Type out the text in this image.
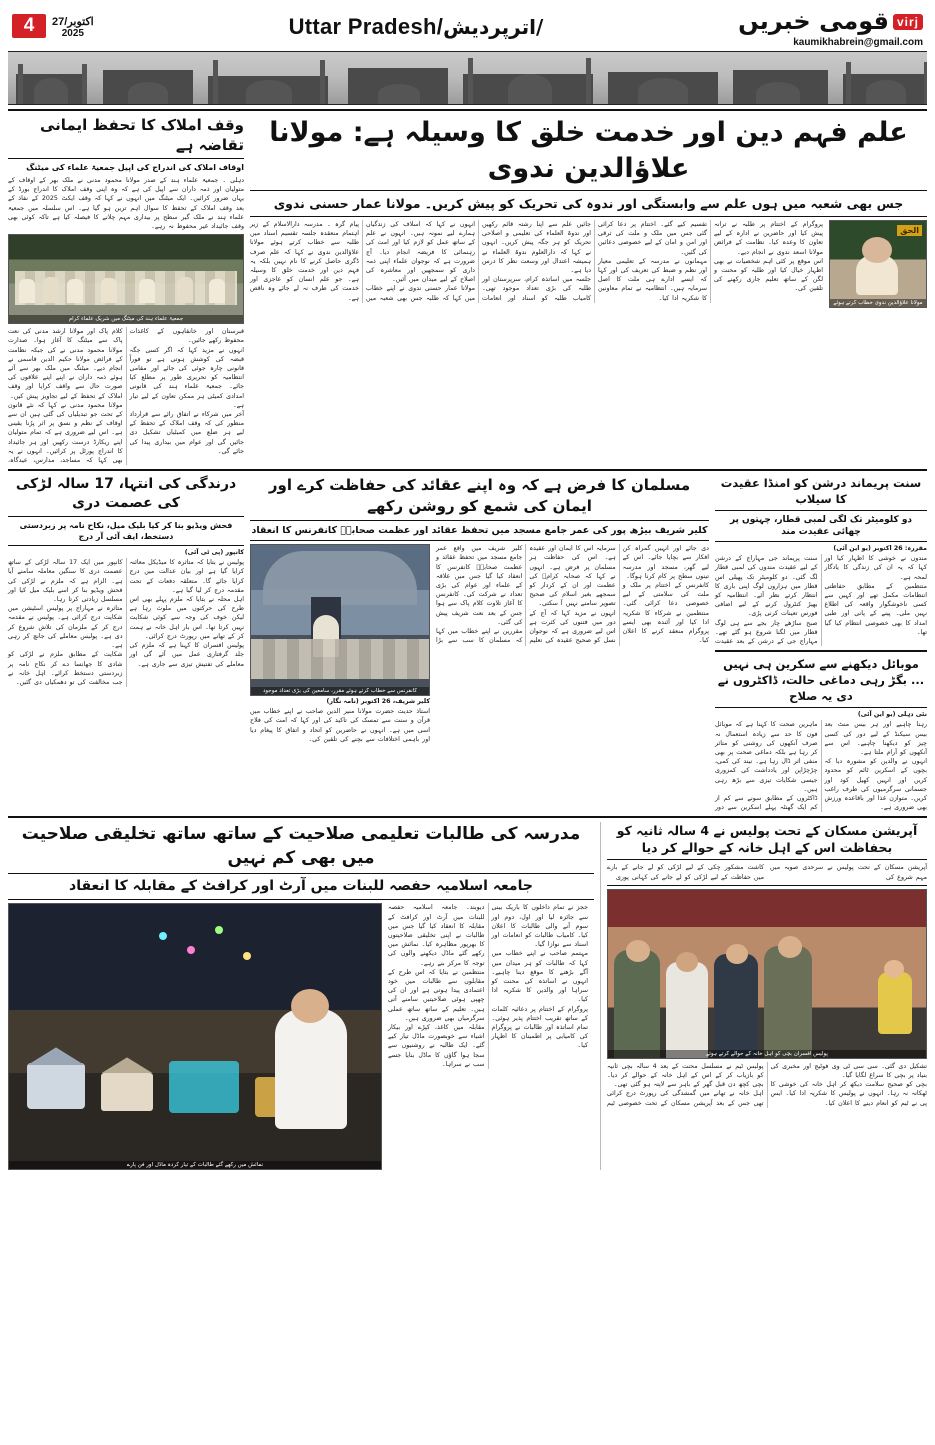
4	اکتوبر/27
2025	Uttar Pradesh/اترپردیش/	virjقومی خبریں
kaumikhabrein@gmail.com
وقف املاک کا تحفظ ایمانی تقاضہ ہے
اوقاف املاک کی اندراج کی اپیل جمعیۃ علماء کی میٹنگ
دہلی ۔ جمعیۃ علماء ہند کے صدر مولانا محمود مدنی نے ملک بھر کے اوقاف کے متولیان اور ذمہ داران سے اپیل کی ہے کہ وہ اپنی وقف املاک کا اندراج بورڈ کے یہاں ضرور کرائیں۔ ایک میٹنگ میں انہوں نے کہا کہ وقف ایکٹ 2025 کے نفاذ کے بعد وقف املاک کے تحفظ کا سوال اہم ترین ہو گیا ہے۔ اس سلسلہ میں جمعیۃ علماء ہند نے ملک گیر سطح پر بیداری مہم چلانے کا فیصلہ کیا ہے تاکہ کوئی بھی وقف جائیداد غیر محفوظ نہ رہے۔
جمعیۃ علماء ہند کی میٹنگ میں شریک علماء کرام
کلام پاک اور مولانا ارشد مدنی کی نعت پاک سے میٹنگ کا آغاز ہوا۔ صدارت مولانا محمود مدنی نے کی جبکہ نظامت کے فرائض مولانا حکیم الدین قاسمی نے انجام دیے۔ میٹنگ میں ملک بھر سے آئے ہوئے ذمہ داران نے اپنے اپنے علاقوں کی صورت حال سے واقف کرایا اور وقف املاک کے تحفظ کے لیے تجاویز پیش کیں۔
مولانا محمود مدنی نے کہا کہ نئے قانون کے تحت جو تبدیلیاں کی گئی ہیں ان سے اوقاف کے نظم و نسق پر اثر پڑنا یقینی ہے۔ اس لیے ضروری ہے کہ تمام متولیان اپنے ریکارڈ درست رکھیں اور ہر جائیداد کا اندراج پورٹل پر کرائیں۔ انہوں نے یہ بھی کہا کہ مساجد، مدارس، عیدگاہ، قبرستان اور خانقاہوں کے کاغذات محفوظ رکھے جائیں۔
انہوں نے مزید کہا کہ اگر کسی جگہ قبضہ کی کوشش ہوتی ہے تو فوراً قانونی چارہ جوئی کی جائے اور مقامی انتظامیہ کو تحریری طور پر مطلع کیا جائے۔ جمعیۃ علماء ہند کی قانونی امدادی کمیٹی ہر ممکن تعاون کے لیے تیار ہے۔
آخر میں شرکاء نے اتفاق رائے سے قرارداد منظور کی کہ وقف املاک کے تحفظ کے لیے ہر ضلع میں کمیٹیاں تشکیل دی جائیں گی اور عوام میں بیداری پیدا کی جائے گی۔
علم فہم دین اور خدمت خلق کا وسیلہ ہے: مولانا علاؤالدین ندوی
جس بھی شعبہ میں ہوں علم سے وابستگی اور ندوہ کی تحریک کو پیش کریں۔ مولانا عمار حسنی ندوی
الحق
مولانا علاؤالدین ندوی خطاب کرتے ہوئے
پیام گرہ ۔ مدرسہ دارالاسلام کے زیر اہتمام منعقدہ جلسہ تقسیم اسناد میں طلبہ سے خطاب کرتے ہوئے مولانا علاؤالدین ندوی نے کہا کہ علم صرف ڈگری حاصل کرنے کا نام نہیں بلکہ یہ فہم دین اور خدمت خلق کا وسیلہ ہے۔ جو علم انسان کو عاجزی اور خدمت کی طرف نہ لے جائے وہ ناقص ہے۔
انہوں نے کہا کہ اسلاف کی زندگیاں ہمارے لیے نمونہ ہیں۔ انہوں نے علم کے ساتھ عمل کو لازم کیا اور امت کی رہنمائی کا فریضہ انجام دیا۔ آج ضرورت ہے کہ نوجوان علماء اپنی ذمہ داری کو سمجھیں اور معاشرہ کی اصلاح کے لیے میدان میں آئیں۔
مولانا عمار حسنی ندوی نے اپنے خطاب میں کہا کہ طلبہ جس بھی شعبہ میں جائیں علم سے اپنا رشتہ قائم رکھیں اور ندوۃ العلماء کی تعلیمی و اصلاحی تحریک کو ہر جگہ پیش کریں۔ انہوں نے کہا کہ دارالعلوم ندوۃ العلماء نے ہمیشہ اعتدال اور وسعت نظر کا درس دیا ہے۔
جلسہ میں اساتذہ کرام، سرپرستان اور طلبہ کی بڑی تعداد موجود تھی۔ کامیاب طلبہ کو اسناد اور انعامات تقسیم کیے گئے۔ اختتام پر دعا کرائی گئی جس میں ملک و ملت کی ترقی اور امن و امان کے لیے خصوصی دعائیں کی گئیں۔
مہمانوں نے مدرسہ کے تعلیمی معیار اور نظم و ضبط کی تعریف کی اور کہا کہ ایسے ادارے ہی ملت کا اصل سرمایہ ہیں۔ انتظامیہ نے تمام معاونین کا شکریہ ادا کیا۔
پروگرام کے اختتام پر طلبہ نے ترانہ پیش کیا اور حاضرین نے ادارہ کے لیے تعاون کا وعدہ کیا۔ نظامت کے فرائض مولانا اسعد ندوی نے انجام دیے۔
اس موقع پر کئی اہم شخصیات نے بھی اظہار خیال کیا اور طلبہ کو محنت و لگن کے ساتھ تعلیم جاری رکھنے کی تلقین کی۔
درندگی کی انتہا، 17 سالہ لڑکی کی عصمت دری
فحش ویڈیو بنا کر کیا بلیک میل، نکاح نامہ پر زبردستی دستخط، ایف آئی آر درج
کانپور (پی ٹی آئی)
کانپور میں ایک 17 سالہ لڑکی کے ساتھ عصمت دری کا سنگین معاملہ سامنے آیا ہے۔ الزام ہے کہ ملزم نے لڑکی کی فحش ویڈیو بنا کر اسے بلیک میل کیا اور مسلسل زیادتی کرتا رہا۔
متاثرہ نے مہاراج پر پولیس اسٹیشن میں شکایت درج کرائی ہے۔ پولیس نے مقدمہ درج کر کے ملزمان کی تلاش شروع کر دی ہے۔ پولیس معاملے کی جانچ کر رہی ہے۔
شکایت کے مطابق ملزم نے لڑکی کو شادی کا جھانسا دے کر نکاح نامہ پر زبردستی دستخط کرائے۔ اہل خانہ نے جب مخالفت کی تو دھمکیاں دی گئیں۔
پولیس نے بتایا کہ متاثرہ کا میڈیکل معائنہ کرایا گیا ہے اور بیان عدالت میں درج کرایا جائے گا۔ متعلقہ دفعات کے تحت مقدمہ درج کر لیا گیا ہے۔
اہل محلہ نے بتایا کہ ملزم پہلے بھی اس طرح کی حرکتوں میں ملوث رہا ہے لیکن خوف کی وجہ سے کوئی شکایت نہیں کرتا تھا۔ اس بار اہل خانہ نے ہمت کر کے تھانے میں رپورٹ درج کرائی۔
پولیس افسران کا کہنا ہے کہ ملزم کی جلد گرفتاری عمل میں آئے گی اور معاملے کی تفتیش تیزی سے جاری ہے۔
مسلمان کا فرض ہے کہ وہ اپنے عقائد کی حفاظت کرے اور ایمان کی شمع کو روشن رکھے
کلیر شریف بیڑھ پور کی عمر جامع مسجد میں تحفظ عقائد اور عظمت صحابہؓ کانفرنس کا انعقاد
کانفرنس سے خطاب کرتے ہوئے مقرر، سامعین کی بڑی تعداد موجود
کلیر شریف، 26 اکتوبر (نامہ نگار)
استاذ حدیث حضرت مولانا منیر الدین صاحب نے اپنے خطاب میں قرآن و سنت سے تمسک کی تاکید کی اور کہا کہ امت کی فلاح اسی میں ہے۔ انہوں نے حاضرین کو اتحاد و اتفاق کا پیغام دیا اور باہمی اختلافات سے بچنے کی تلقین کی۔
کلیر شریف میں واقع عمر جامع مسجد میں تحفظ عقائد و عظمت صحابہؓ کانفرنس کا انعقاد کیا گیا جس میں علاقہ کے علماء اور عوام کی بڑی تعداد نے شرکت کی۔ کانفرنس کا آغاز تلاوت کلام پاک سے ہوا جس کے بعد نعت شریف پیش کی گئی۔
مقررین نے اپنے خطاب میں کہا کہ مسلمان کا سب سے بڑا سرمایہ اس کا ایمان اور عقیدہ ہے۔ اس کی حفاظت ہر مسلمان پر فرض ہے۔ انہوں نے کہا کہ صحابہ کرامؓ کی عظمت اور ان کے کردار کو سمجھے بغیر اسلام کی صحیح تصویر سامنے نہیں آ سکتی۔
انہوں نے مزید کہا کہ آج کے دور میں فتنوں کی کثرت ہے اس لیے ضروری ہے کہ نوجوان نسل کو صحیح عقیدہ کی تعلیم دی جائے اور انہیں گمراہ کن افکار سے بچایا جائے۔ اس کے لیے گھر، مسجد اور مدرسہ تینوں سطح پر کام کرنا ہوگا۔
کانفرنس کے اختتام پر ملک و ملت کی سلامتی کے لیے خصوصی دعا کرائی گئی۔ منتظمین نے شرکاء کا شکریہ ادا کیا اور آئندہ بھی ایسے پروگرام منعقد کرنے کا اعلان کیا۔
سنت پریماند درشن کو امنڈا عقیدت کا سیلاب
دو کلومیٹر تک لگی لمبی قطار، چہتوں پر چھائی عقیدت مند
مقررہ: 26 اکتوبر (یو این آئی)
سنت پریماند جی مہاراج کے درشن کے لیے عقیدت مندوں کی لمبی قطار لگ گئی۔ دو کلومیٹر تک پھیلی اس قطار میں ہزاروں لوگ اپنی باری کا انتظار کرتے نظر آئے۔ انتظامیہ کو بھیڑ کنٹرول کرنے کے لیے اضافی فورس تعینات کرنی پڑی۔
صبح ساڑھے چار بجے سے ہی لوگ قطار میں لگنا شروع ہو گئے تھے۔ مہاراج جی کے درشن کے بعد عقیدت مندوں نے خوشی کا اظہار کیا اور کہا کہ یہ ان کی زندگی کا یادگار لمحہ ہے۔
منتظمین کے مطابق حفاظتی انتظامات مکمل تھے اور کہیں سے کسی ناخوشگوار واقعہ کی اطلاع نہیں ملی۔ پینے کے پانی اور طبی امداد کا بھی خصوصی انتظام کیا گیا تھا۔
موبائل دیکھنے سے سکرین ہی نہیں ... بگڑ رہی دماغی حالت، ڈاکٹروں نے دی یہ صلاح
نئی دہلی (یو این آئی)
ماہرین صحت کا کہنا ہے کہ موبائل فون کا حد سے زیادہ استعمال نہ صرف آنکھوں کی روشنی کو متاثر کر رہا ہے بلکہ دماغی صحت پر بھی منفی اثر ڈال رہا ہے۔ نیند کی کمی، چڑچڑاپن اور یادداشت کی کمزوری جیسی شکایات تیزی سے بڑھ رہی ہیں۔
ڈاکٹروں کے مطابق سونے سے کم از کم ایک گھنٹہ پہلے اسکرین سے دور رہنا چاہیے اور ہر بیس منٹ بعد بیس سیکنڈ کے لیے دور کی کسی چیز کو دیکھنا چاہیے۔ اس سے آنکھوں کو آرام ملتا ہے۔
انہوں نے والدین کو مشورہ دیا کہ بچوں کے اسکرین ٹائم کو محدود کریں اور انہیں کھیل کود اور جسمانی سرگرمیوں کی طرف راغب کریں۔ متوازن غذا اور باقاعدہ ورزش بھی ضروری ہے۔
مدرسہ کی طالبات تعلیمی صلاحیت کے ساتھ ساتھ تخلیقی صلاحیت میں بھی کم نہیں
جامعہ اسلامیہ حفصہ للبنات میں آرٹ اور کرافٹ کے مقابلہ کا انعقاد
نمائش میں رکھے گئے طالبات کے تیار کردہ ماڈل اور فن پارے
دیوبند۔ جامعہ اسلامیہ حفصہ للبنات میں آرٹ اور کرافٹ کے مقابلہ کا انعقاد کیا گیا جس میں طالبات نے اپنی تخلیقی صلاحیتوں کا بھرپور مظاہرہ کیا۔ نمائش میں رکھے گئے ماڈل دیکھنے والوں کی توجہ کا مرکز بنے رہے۔
منتظمین نے بتایا کہ اس طرح کے مقابلوں سے طالبات میں خود اعتمادی پیدا ہوتی ہے اور ان کی چھپی ہوئی صلاحیتیں سامنے آتی ہیں۔ تعلیم کے ساتھ ساتھ عملی سرگرمیاں بھی ضروری ہیں۔
مقابلہ میں کاغذ، کپڑے اور بیکار اشیاء سے خوبصورت ماڈل تیار کیے گئے۔ ایک طالبہ نے روشنیوں سے سجا ہوا گاؤں کا ماڈل بنایا جسے سب نے سراہا۔
ججز نے تمام داخلوں کا باریک بینی سے جائزہ لیا اور اول، دوم اور سوم آنے والی طالبات کا اعلان کیا۔ کامیاب طالبات کو انعامات اور اسناد سے نوازا گیا۔
مہتمم صاحب نے اپنے خطاب میں کہا کہ طالبات کو ہر میدان میں آگے بڑھنے کا موقع دینا چاہیے۔ انہوں نے اساتذہ کی محنت کو سراہا اور والدین کا شکریہ ادا کیا۔
پروگرام کے اختتام پر دعائیہ کلمات کے ساتھ تقریب اختتام پذیر ہوئی۔ تمام اساتذہ اور طالبات نے پروگرام کی کامیابی پر اطمینان کا اظہار کیا۔
آپریشن مسکان کے تحت پولیس نے 4 سالہ ثانیہ کو بحفاظت اس کے اہل خانہ کے حوالے کر دیا
کاشت مشکور چکی کے لیے لڑکی کو لے جانے کے بارے میں حفاظت کے لیے لڑکی کو لے جانے کی کہانی پوری
آپریشن مسکان کے تحت پولیس نے سرحدی صوبہ میں مہم شروع کی
پولیس افسران بچی کو اہل خانہ کے حوالے کرتے ہوئے
پولیس ٹیم نے مسلسل محنت کے بعد 4 سالہ بچی ثانیہ کو بازیاب کر کے اس کے اہل خانہ کے حوالے کر دیا۔ بچی کچھ دن قبل گھر کے باہر سے لاپتہ ہو گئی تھی۔
اہل خانہ نے تھانے میں گمشدگی کی رپورٹ درج کرائی تھی جس کے بعد آپریشن مسکان کے تحت خصوصی ٹیم تشکیل دی گئی۔ سی سی ٹی وی فوٹیج اور مخبری کی بنیاد پر بچی کا سراغ لگایا گیا۔
بچی کو صحیح سلامت دیکھ کر اہل خانہ کی خوشی کا ٹھکانہ نہ رہا۔ انہوں نے پولیس کا شکریہ ادا کیا۔ ایس پی نے ٹیم کو انعام دینے کا اعلان کیا۔
